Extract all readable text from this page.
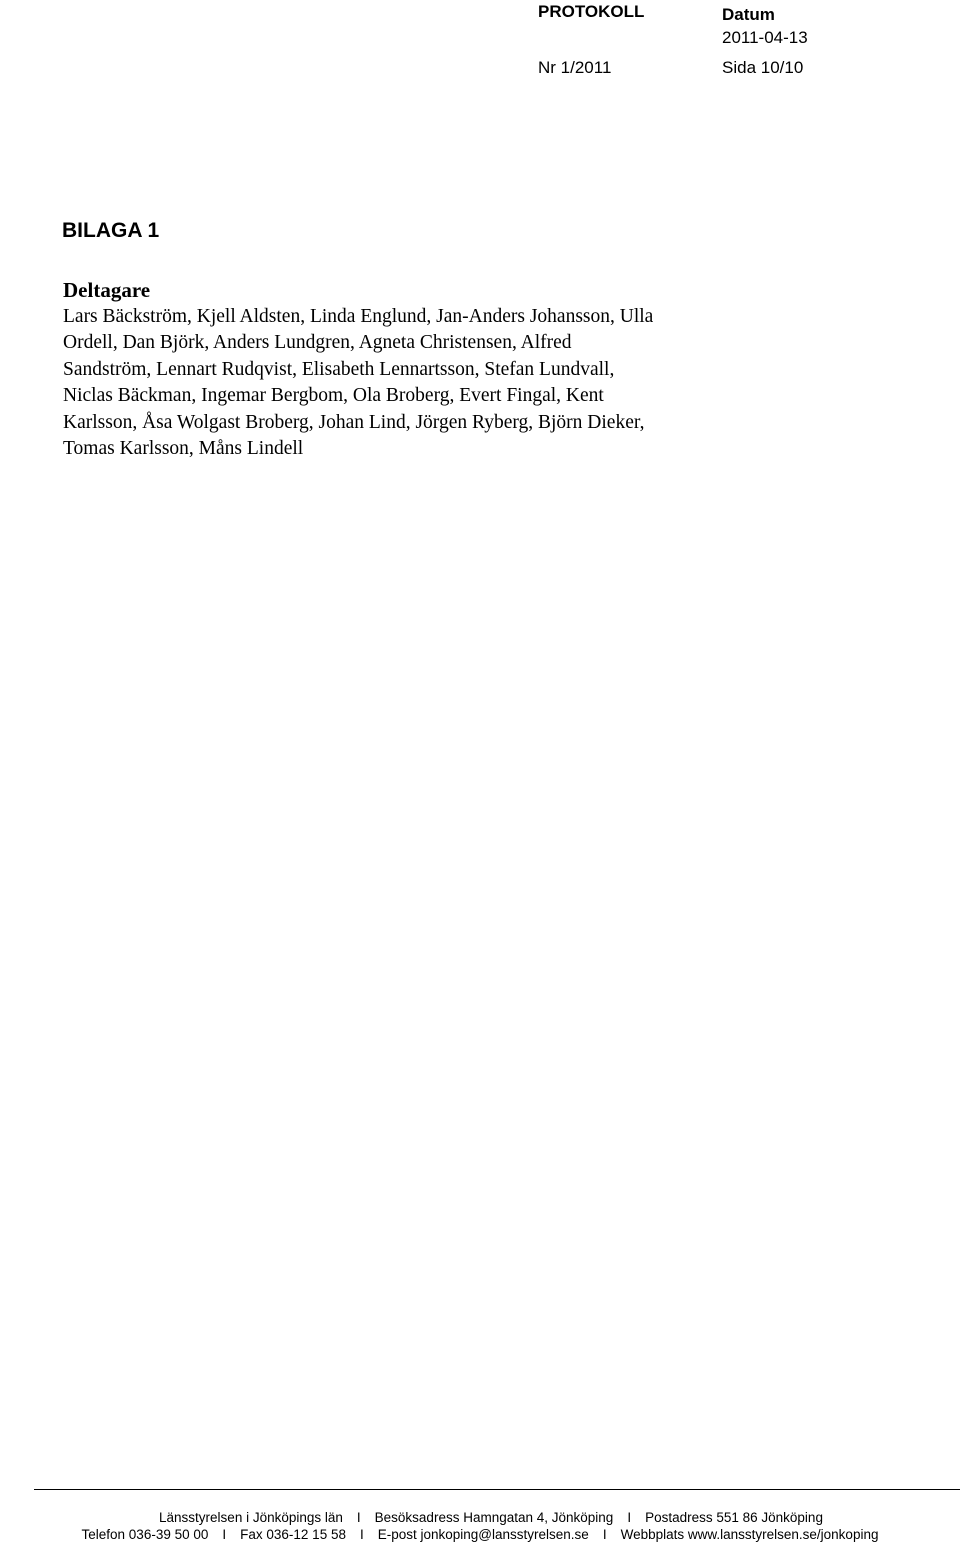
PROTOKOLL	Datum
2011-04-13
Nr 1/2011	Sida 10/10
BILAGA 1

Deltagare

Lars Bäckström, Kjell Aldsten, Linda Englund, Jan-Anders Johansson, Ulla

Ordell, Dan Björk, Anders Lundgren, Agneta Christensen, Alfred

Sandström, Lennart Rudqvist, Elisabeth Lennartsson, Stefan Lundvall,

Niclas Bäckman, Ingemar Bergbom, Ola Broberg, Evert Fingal, Kent

Karlsson, Åsa Wolgast Broberg, Johan Lind, Jörgen Ryberg, Björn Dieker,

Tomas Karlsson, Måns Lindell

Länsstyrelsen i Jönköpings län I Besöksadress Hamngatan 4, Jönköping I Postadress 551 86 Jönköping
Telefon 036-39 50 00 I Fax 036-12 15 58 I E-post jonkoping@lansstyrelsen.se I Webbplats www.lansstyrelsen.se/jonkoping
